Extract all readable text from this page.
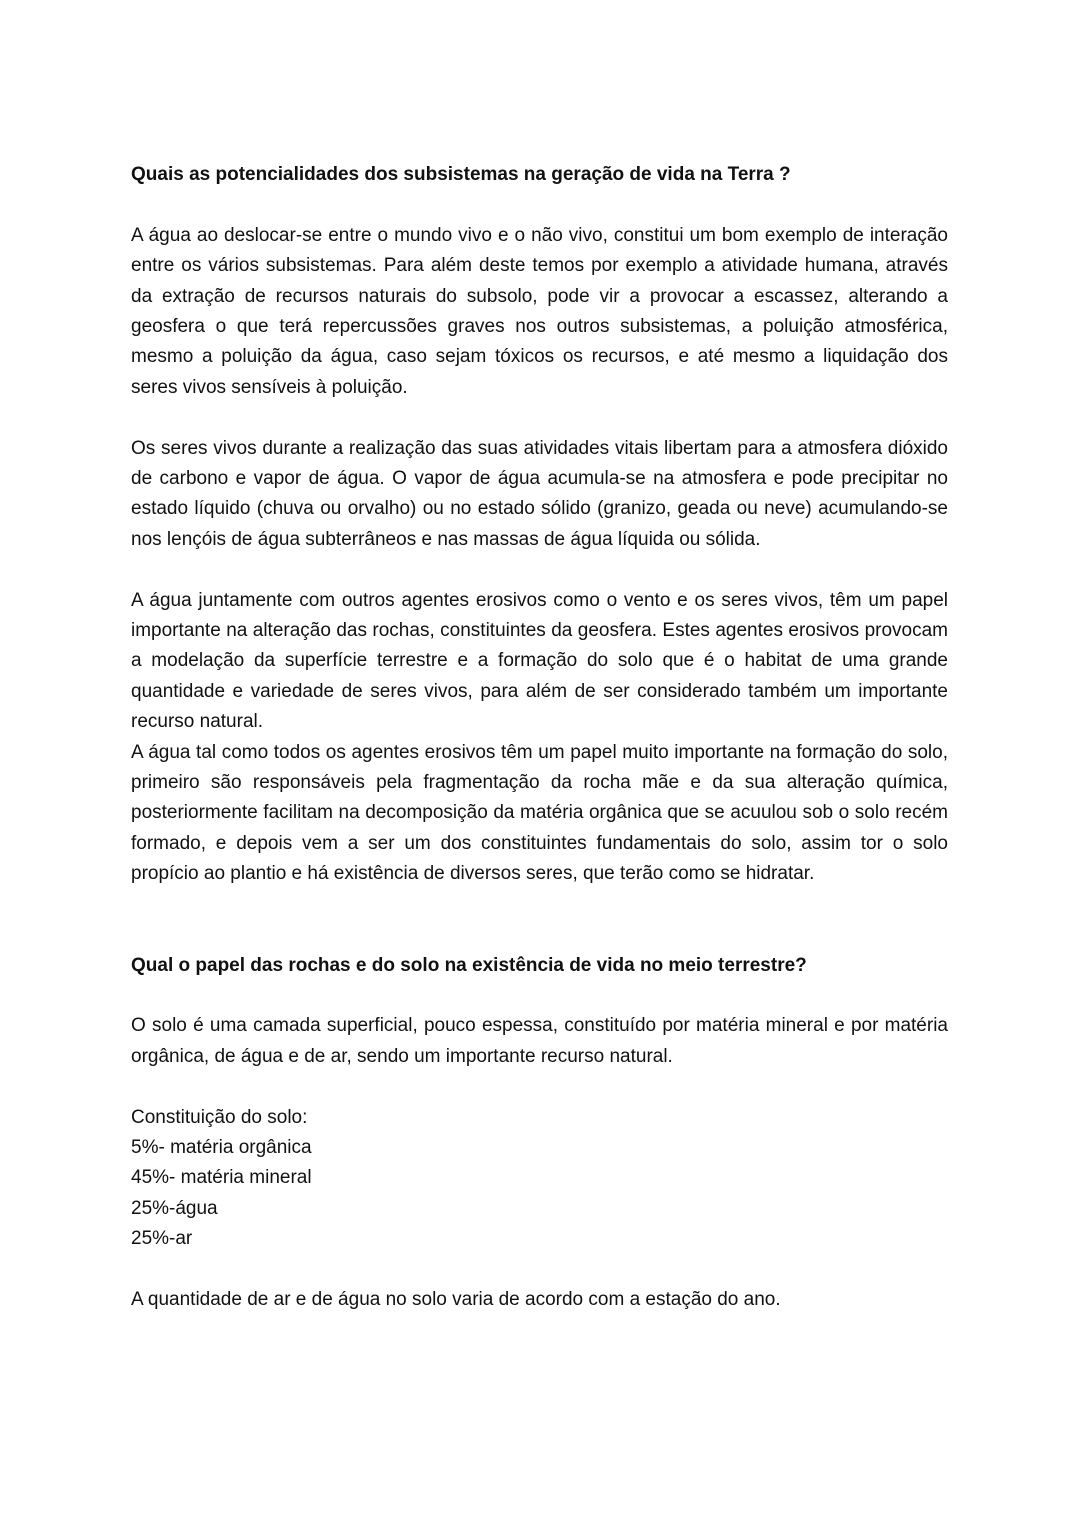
Quais as potencialidades dos subsistemas na geração de vida na Terra ?

A água ao deslocar-se entre o mundo vivo e o não vivo, constitui um bom exemplo de interação entre os vários subsistemas. Para além deste temos por exemplo a atividade humana, através da extração de recursos naturais do subsolo, pode vir a provocar a escassez, alterando a geosfera o que terá repercussões graves nos outros subsistemas, a poluição atmosférica, mesmo a poluição da água, caso sejam tóxicos os recursos, e até mesmo a liquidação dos seres vivos sensíveis à poluição.

Os seres vivos durante a realização das suas atividades vitais libertam para a atmosfera dióxido de carbono e vapor de água. O vapor de água acumula-se na atmosfera e pode precipitar no estado líquido (chuva ou orvalho) ou no estado sólido (granizo, geada ou neve) acumulando-se nos lençóis de água subterrâneos e nas massas de água líquida ou sólida.

A água juntamente com outros agentes erosivos como o vento e os seres vivos, têm um papel importante na alteração das rochas, constituintes da geosfera. Estes agentes erosivos provocam a modelação da superfície terrestre e a formação do solo que é o habitat de uma grande quantidade e variedade de seres vivos, para além de ser considerado também um importante recurso natural.

A água tal como todos os agentes erosivos têm um papel muito importante na formação do solo, primeiro são responsáveis pela fragmentação da rocha mãe e da sua alteração química, posteriormente facilitam na decomposição da matéria orgânica que se acuulou sob o solo recém formado, e depois vem a ser um dos constituintes fundamentais do solo, assim tor o solo propício ao plantio e há existência de diversos seres, que terão como se hidratar.

Qual o papel das rochas e do solo na existência de vida no meio terrestre?

O solo é uma camada superficial, pouco espessa, constituído por matéria mineral e por matéria orgânica, de água e de ar, sendo um importante recurso natural.

Constituição do solo:

5%- matéria orgânica
45%- matéria mineral
25%-água
25%-ar

A quantidade de ar e de água no solo varia de acordo com a estação do ano.
